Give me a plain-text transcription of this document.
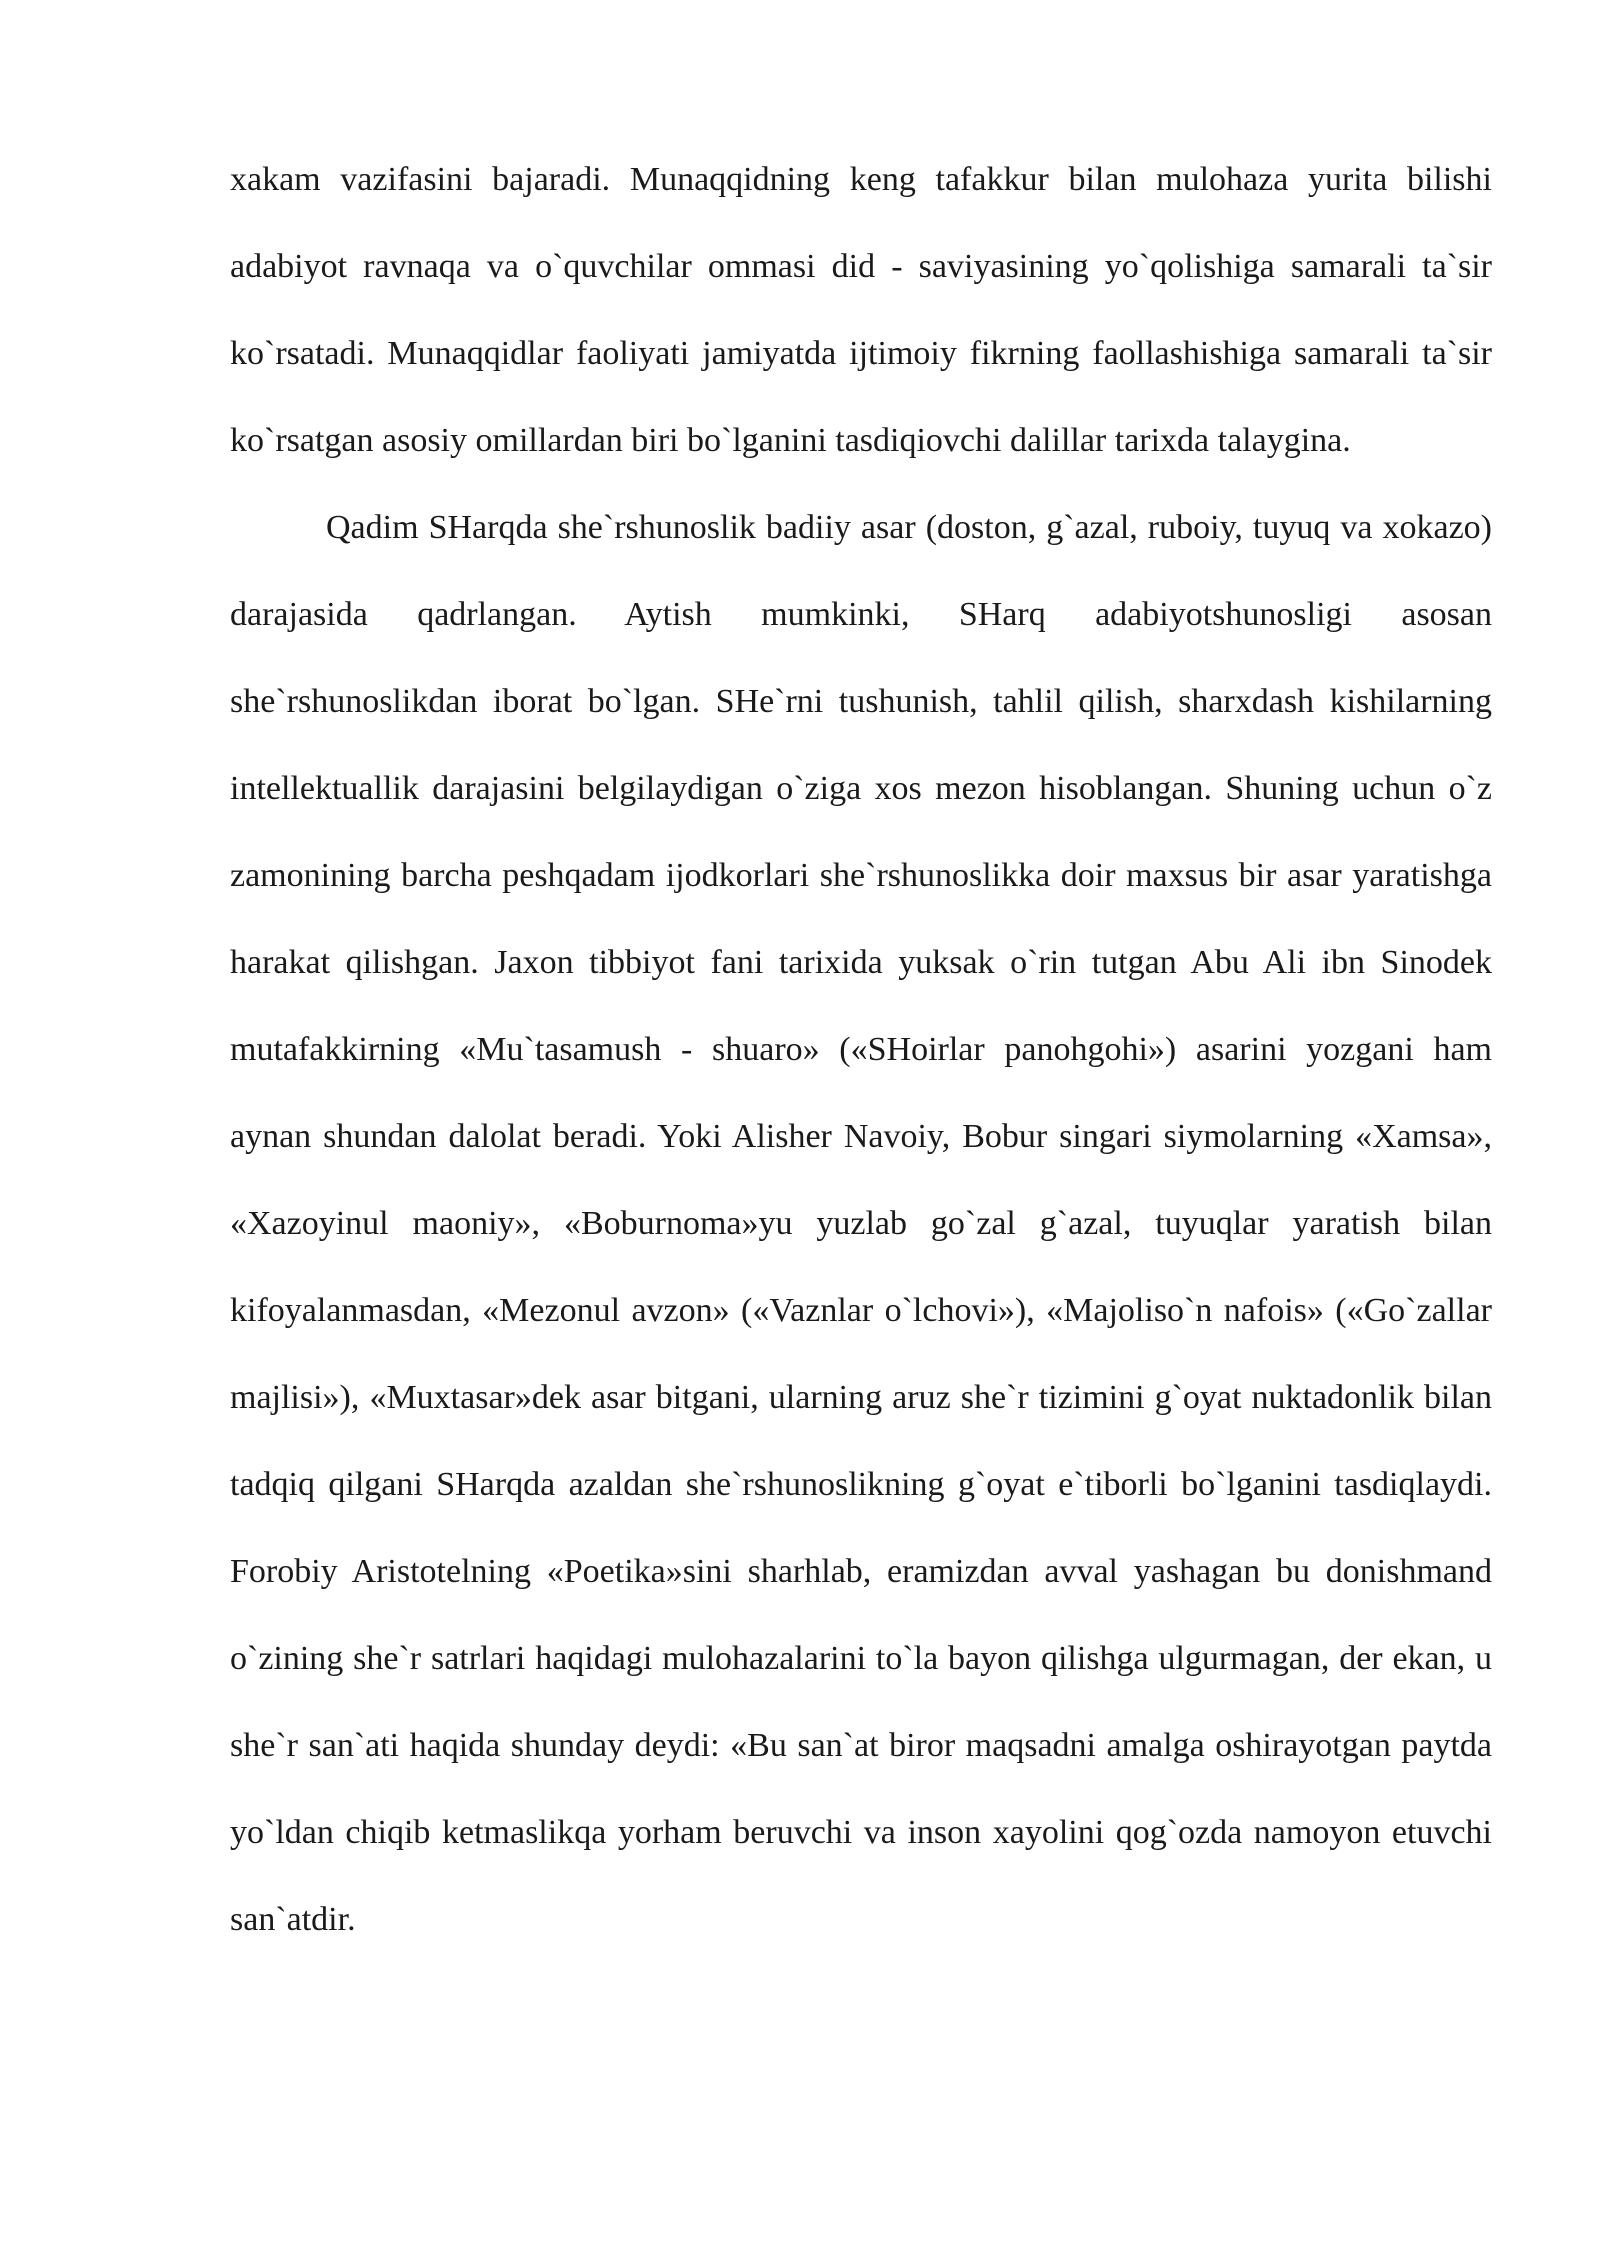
xakam vazifasini bajaradi. Munaqqidning keng tafakkur bilan mulohaza yurita bilishi adabiyot ravnaqa va o`quvchilar ommasi did - saviyasining yo`qolishiga samarali ta`sir ko`rsatadi. Munaqqidlar faoliyati jamiyatda ijtimoiy fikrning faollashishiga samarali ta`sir ko`rsatgan asosiy omillardan biri bo`lganini tasdiqiovchi dalillar tarixda talaygina.

Qadim SHarqda she`rshunoslik badiiy asar (doston, g`azal, ruboiy, tuyuq va xokazo) darajasida qadrlangan. Aytish mumkinki, SHarq adabiyotshunosligi asosan she`rshunoslikdan iborat bo`lgan. SHe`rni tushunish, tahlil qilish, sharxdash kishilarning intellektuallik darajasini belgilaydigan o`ziga xos mezon hisoblangan. Shuning uchun o`z zamonining barcha peshqadam ijodkorlari she`rshunoslikka doir maxsus bir asar yaratishga harakat qilishgan. Jaxon tibbiyot fani tarixida yuksak o`rin tutgan Abu Ali ibn Sinodek mutafakkirning «Mu`tasamush - shuaro» («SHoirlar panohgohi») asarini yozgani ham aynan shundan dalolat beradi. Yoki Alisher Navoiy, Bobur singari siymolarning «Xamsa», «Xazoyinul maoniy», «Boburnoma»yu yuzlab go`zal g`azal, tuyuqlar yaratish bilan kifoyalanmasdan, «Mezonul avzon» («Vaznlar o`lchovi»), «Majoliso`n nafois» («Go`zallar majlisi»), «Muxtasar»dek asar bitgani, ularning aruz she`r tizimini g`oyat nuktadonlik bilan tadqiq qilgani SHarqda azaldan she`rshunoslikning g`oyat e`tiborli bo`lganini tasdiqlaydi. Forobiy Aristotelning «Poetika»sini sharhlab, eramizdan avval yashagan bu donishmand o`zining she`r satrlari haqidagi mulohazalarini to`la bayon qilishga ulgurmagan, der ekan, u she`r san`ati haqida shunday deydi: «Bu san`at biror maqsadni amalga oshirayotgan paytda yo`ldan chiqib ketmaslikqa yorham beruvchi va inson xayolini qog`ozda namoyon etuvchi san`atdir.
